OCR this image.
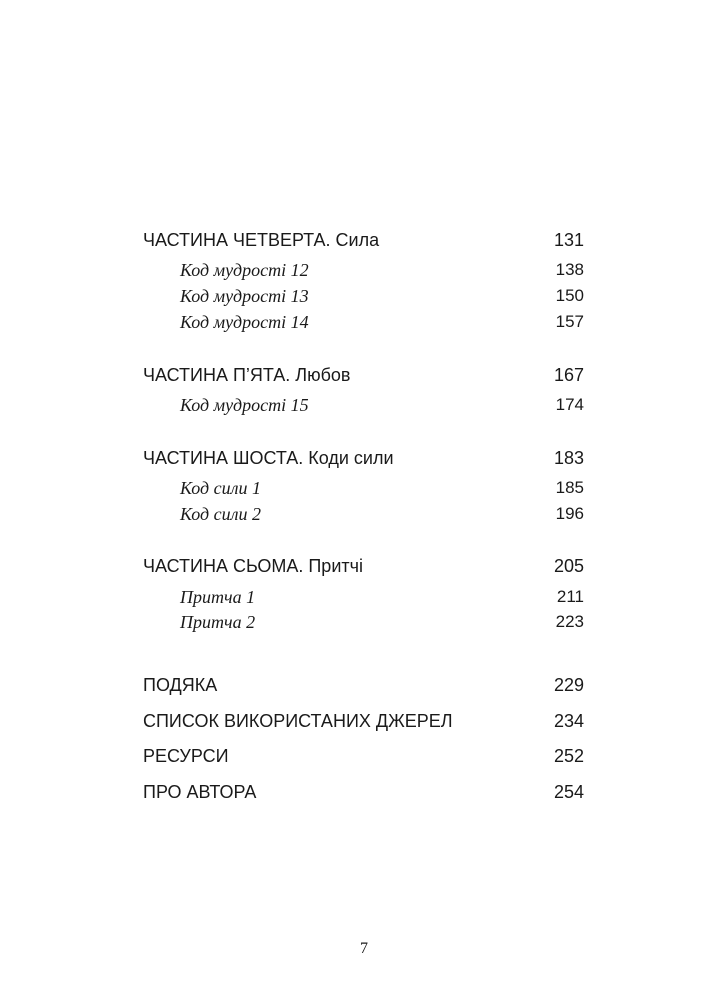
ЧАСТИНА ЧЕТВЕРТА. Сила	131
Код мудрості 12	138
Код мудрості 13	150
Код мудрості 14	157
ЧАСТИНА П’ЯТА. Любов	167
Код мудрості 15	174
ЧАСТИНА ШОСТА. Коди сили	183
Код сили 1	185
Код сили 2	196
ЧАСТИНА СЬОМА. Притчі	205
Притча 1	211
Притча 2	223
ПОДЯКА	229
СПИСОК ВИКОРИСТАНИХ ДЖЕРЕЛ	234
РЕСУРСИ	252
ПРО АВТОРА	254
7
